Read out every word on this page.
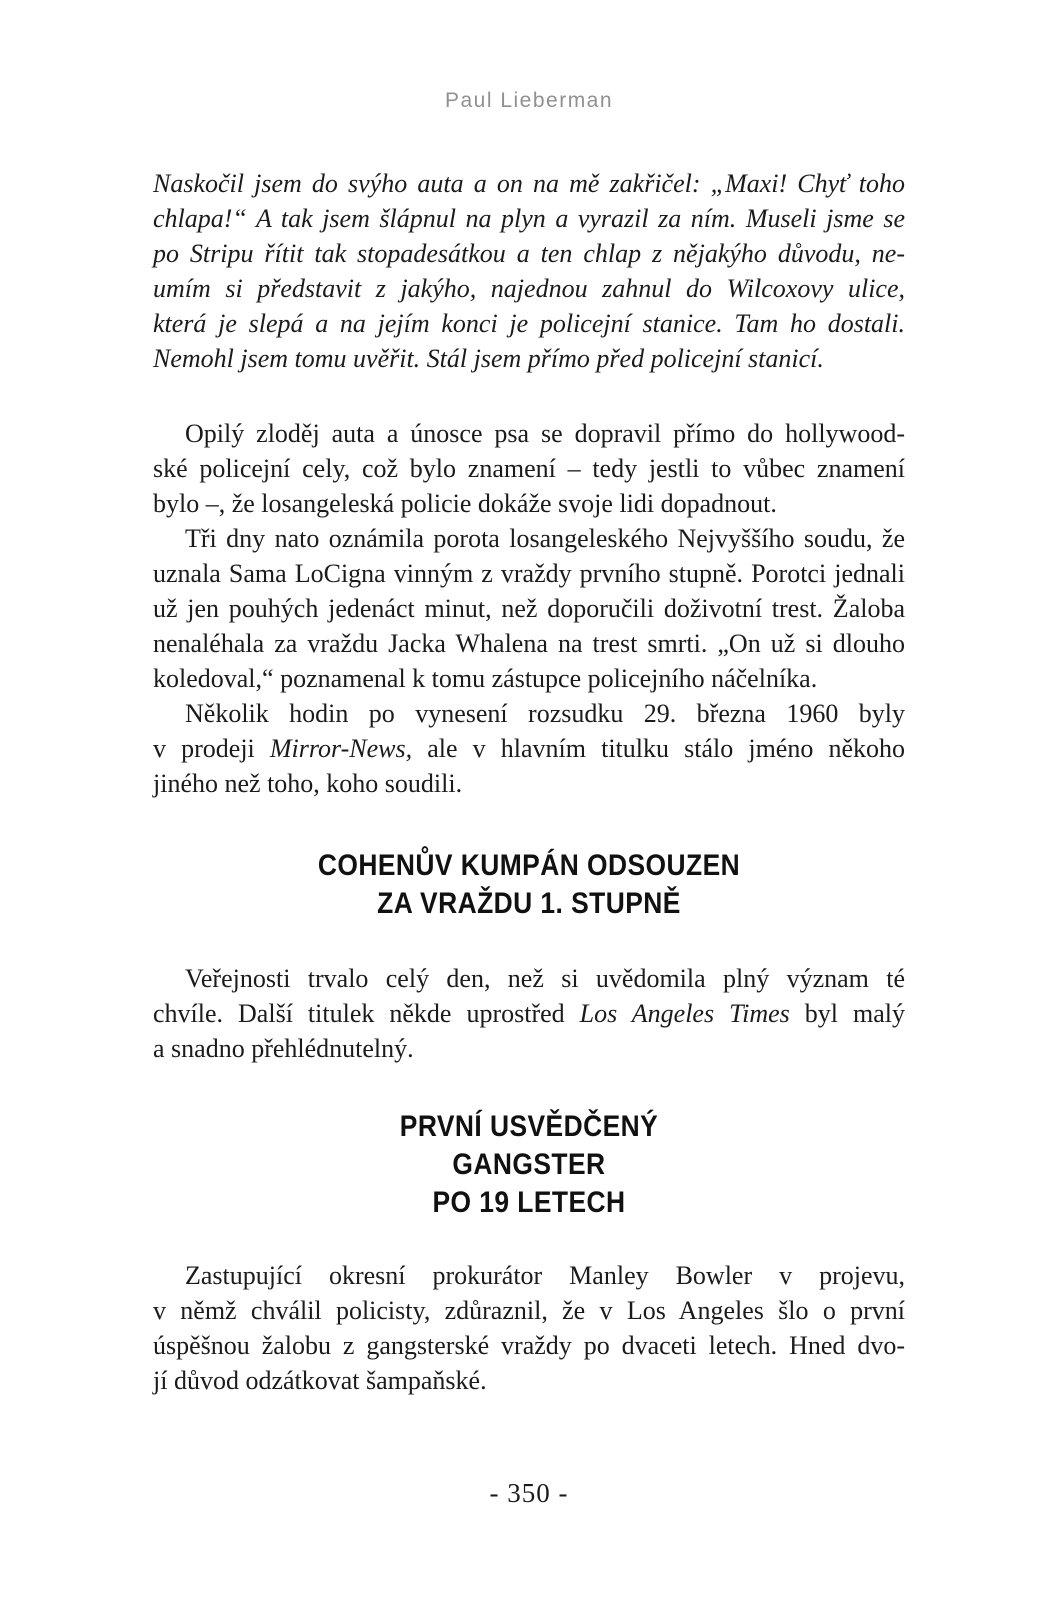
Paul Lieberman
Naskočil jsem do svýho auta a on na mě zakřičel: „Maxi! Chyť toho
chlapa!“ A tak jsem šlápnul na plyn a vyrazil za ním. Museli jsme se
po Stripu řítit tak stopadesátkou a ten chlap z nějakýho důvodu, ne-
umím si představit z jakýho, najednou zahnul do Wilcoxovy ulice,
která je slepá a na jejím konci je policejní stanice. Tam ho dostali.
Nemohl jsem tomu uvěřit. Stál jsem přímo před policejní stanicí.
Opilý zloděj auta a únosce psa se dopravil přímo do hollywood-
ské policejní cely, což bylo znamení – tedy jestli to vůbec znamení
bylo –, že losangeleská policie dokáže svoje lidi dopadnout.
Tři dny nato oznámila porota losangeleského Nejvyššího soudu, že
uznala Sama LoCigna vinným z vraždy prvního stupně. Porotci jednali
už jen pouhých jedenáct minut, než doporučili doživotní trest. Žaloba
nenaléhala za vraždu Jacka Whalena na trest smrti. „On už si dlouho
koledoval,“ poznamenal k tomu zástupce policejního náčelníka.
Několik hodin po vynesení rozsudku 29. března 1960 byly
v prodeji Mirror-News, ale v hlavním titulku stálo jméno někoho
jiného než toho, koho soudili.
COHENŮV KUMPÁN ODSOUZEN
ZA VRAŽDU 1. STUPNĚ
Veřejnosti trvalo celý den, než si uvědomila plný význam té
chvíle. Další titulek někde uprostřed Los Angeles Times byl malý
a snadno přehlédnutelný.
PRVNÍ USVĚDČENÝ
GANGSTER
PO 19 LETECH
Zastupující okresní prokurátor Manley Bowler v projevu,
v němž chválil policisty, zdůraznil, že v Los Angeles šlo o první
úspěšnou žalobu z gangsterské vraždy po dvaceti letech. Hned dvo-
jí důvod odzátkovat šampaňské.
- 350 -
